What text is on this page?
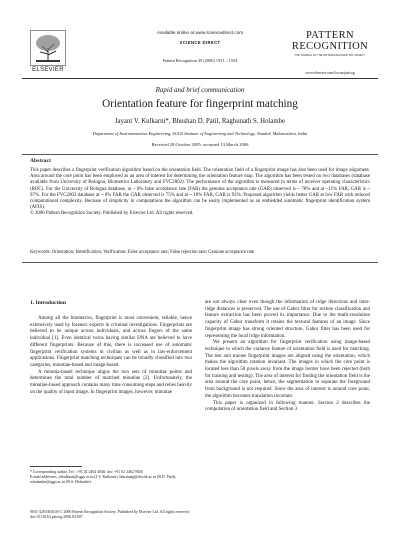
Available online at www.sciencedirect.com
SCIENCE DIRECT
Pattern Recognition 39 (2006) 1551 – 1554
ELSEVIER
PATTERN
RECOGNITION
THE JOURNAL OF THE PATTERN RECOGNITION SOCIETY
www.elsevier.com/locate/patcog
Rapid and brief communication
Orientation feature for fingerprint matching
Jayant V. Kulkarni*, Bhushan D. Patil, Raghunath S. Holambe
Department of Instrumentation Engineering, SGGS Institute of Engineering and Technology, Nanded, Maharashtra, India
Received 28 October 2005; accepted 13 March 2006
Abstract
This paper describes a fingerprint verification algorithm based on the orientation field. The orientation field of a fingerprint image has also been used for image alignment. Area around the core point has been employed as an area of interest for determining the orientation feature map. The algorithm has been tested on two databases (database available from University of Bologna, Biometrics Laboratory and FVC2002). The performance of the algorithm is measured in terms of receiver operating characteristics (ROC). For the University of Bologna database, at ~ 0% false acceptance rate (FAR) the genuine acceptance rate (GAR) observed is ~ 78% and at ~11% FAR, GAR is ~ 97%. For the FVC2002 database at ~ 0% FAR the GAR observed is 75% and at ~ 18% FAR, GAR is 93%. Proposed algorithm yields better GAR at low FAR with reduced computational complexity. Because of simplicity in computations the algorithm can be easily implemented as an embedded automatic fingerprint identification system (AFIS).
© 2006 Pattern Recognition Society. Published by Elsevier Ltd. All rights reserved.
Keywords: Orientation; Identification; Verification; False acceptance rate; False rejection rate; Genuine acceptance rate
1. Introduction

Among all the biometrics, fingerprint is most convenient, reliable, hence extensively used by forensic experts in criminal investigations. Fingerprints are believed to be unique across individuals, and across fingers of the same individual [1]. Even identical twins having similar DNA are believed to have different fingerprints. Because of this, there is increased use of automatic fingerprint verification systems in civilian as well as in law-enforcement applications. Fingerprint matching techniques can be broadly classified into two categories, minutiae-based and image-based.

A minutia-based technique aligns the two sets of minutiae points and determines the total number of matched minutiae [2]. Unfortunately, the minutiae-based approach contains many time consuming steps and relies heavily on the quality of input image. In fingerprint images, however, minutiae

are not always clear even though the information of ridge directions and inter-ridge distances is preserved. The use of Gabor filter for texture classification and feature extraction has been proved its importance. Due to the multi-resolution capacity of Gabor transform it retains the textural features of an image. Since fingerprint image has strong oriented structure, Gabor filter has been used for representing the local ridge information.

We present an algorithm for fingerprint verification using image-based technique in which the variance feature of orientation field is used for matching. The test and trainee fingerprint images are aligned using the orientation, which makes the algorithm rotation invariant. The images in which the core point is located less than 50 pixels away from the image border have been rejected (both for training and testing). The area of interest for finding the orientation field is the area around the core point, hence, the segmentation to separate the foreground from background is not required. Since the area of interest is around core point, the algorithm becomes translation invariant.

This paper is organized in following manner. Section 2 describes the computation of orientation field and Section 3

* Corresponding author. Tel.: +91 02 2462 4046; fax: +91 02 2462 9026.
E-mail addresses: jvkulkarni@sggs.ac.in (J.V. Kulkarni), bhushanp@sbt.nlt.ac.in (B.D. Patil), rsholambe@sggs.ac.in (R.S. Holambe).
0031-3203/$30.00 © 2006 Pattern Recognition Society. Published by Elsevier Ltd. All rights reserved.
doi:10.1016/j.patcog.2006.03.007
